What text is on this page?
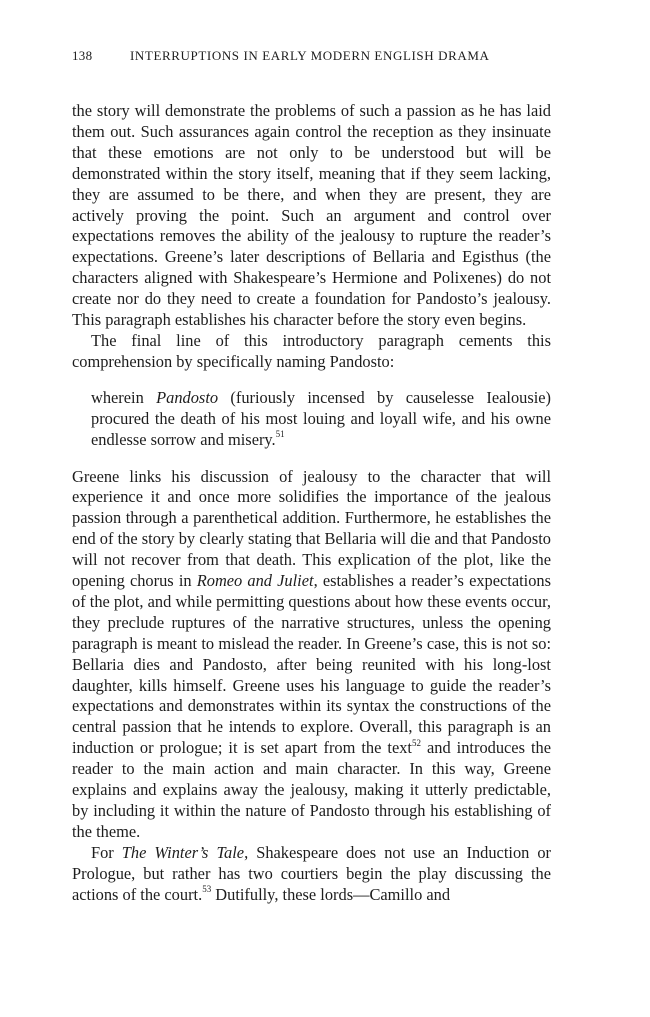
138	INTERRUPTIONS IN EARLY MODERN ENGLISH DRAMA

the story will demonstrate the problems of such a passion as he has laid them out. Such assurances again control the reception as they insinuate that these emotions are not only to be understood but will be demonstrated within the story itself, meaning that if they seem lacking, they are assumed to be there, and when they are present, they are actively proving the point. Such an argument and control over expectations removes the ability of the jealousy to rupture the reader’s expectations. Greene’s later descriptions of Bellaria and Egisthus (the characters aligned with Shakespeare’s Hermione and Polixenes) do not create nor do they need to create a foundation for Pandosto’s jealousy. This paragraph establishes his character before the story even begins.

The final line of this introductory paragraph cements this comprehension by specifically naming Pandosto:

wherein Pandosto (furiously incensed by causelesse Iealousie) procured the death of his most louing and loyall wife, and his owne endlesse sorrow and misery.$^{51}$

Greene links his discussion of jealousy to the character that will experience it and once more solidifies the importance of the jealous passion through a parenthetical addition. Furthermore, he establishes the end of the story by clearly stating that Bellaria will die and that Pandosto will not recover from that death. This explication of the plot, like the opening chorus in Romeo and Juliet, establishes a reader’s expectations of the plot, and while permitting questions about how these events occur, they preclude ruptures of the narrative structures, unless the opening paragraph is meant to mislead the reader. In Greene’s case, this is not so: Bellaria dies and Pandosto, after being reunited with his long-lost daughter, kills himself. Greene uses his language to guide the reader’s expectations and demonstrates within its syntax the constructions of the central passion that he intends to explore. Overall, this paragraph is an induction or prologue; it is set apart from the text$^{52}$ and introduces the reader to the main action and main character. In this way, Greene explains and explains away the jealousy, making it utterly predictable, by including it within the nature of Pandosto through his establishing of the theme.

For The Winter’s Tale, Shakespeare does not use an Induction or Prologue, but rather has two courtiers begin the play discussing the actions of the court.$^{53}$ Dutifully, these lords—Camillo and
